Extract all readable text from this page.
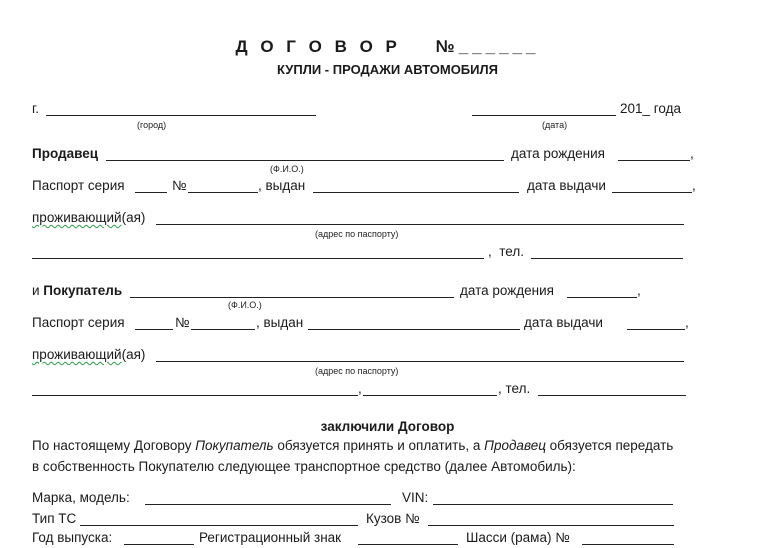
Д О Г О В О Р    №______
КУПЛИ - ПРОДАЖИ АВТОМОБИЛЯ
г.
(город)
201_ года
(дата)
Продавец
(Ф.И.О.)
дата рождения	,
Паспорт серия	№	, выдан	дата выдачи	,
проживающий(ая)
(адрес по паспорту)
,  тел.
и Покупатель
(Ф.И.О.)
дата рождения	,
Паспорт серия	№	, выдан	дата выдачи	,
проживающий(ая)
(адрес по паспорту)
,	, тел.
заключили Договор
По настоящему Договору Покупатель обязуется принять и оплатить, а Продавец обязуется передать
в собственность Покупателю следующее транспортное средство (далее Автомобиль):
Марка, модель:	VIN:
Тип ТС	Кузов №
Год выпуска:	Регистрационный знак	Шасси (рама) №
